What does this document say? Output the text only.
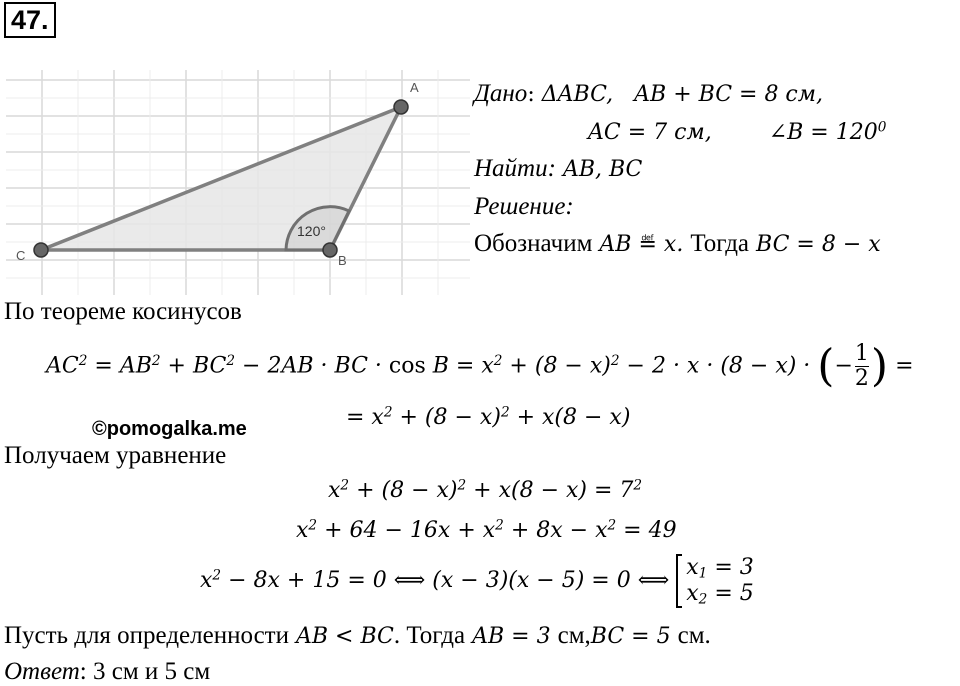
47.
A
B
C
120°
Дано: ΔABC, AB + BC = 8 см,
AC = 7 см,	∠B = $120^0$
Найти: AB, BC
Решение:
Обозначим AB ≝ x. Тогда BC = 8 − x
По теореме косинусов
$AC^2 = AB^2 + BC^2 - 2AB$ · BC · $\cos B = x^2 + (8 - x)^2 - 2 \cdot x \cdot (8 - x)$ · (− $\frac{1}{2}$ ) =
= $x^2 + (8 - x)^2 + x(8 - x)$
©pomogalka.me
Получаем уравнение
$x^2 + (8 - x)^2 + x(8 - x) = 7^2$
$x^2 + 64 - 16x + x^2 + 8x - x^2 = 49$
$x^2 - 8x + 15 = 0$ ⟺ (x − 3)(x − 5) = 0 ⟺
$x_1 = 3$
$x_2 = 5$
Пусть для определенности AB < BC. Тогда AB = 3 см,BC = 5 см.
Ответ: 3 см и 5 см
